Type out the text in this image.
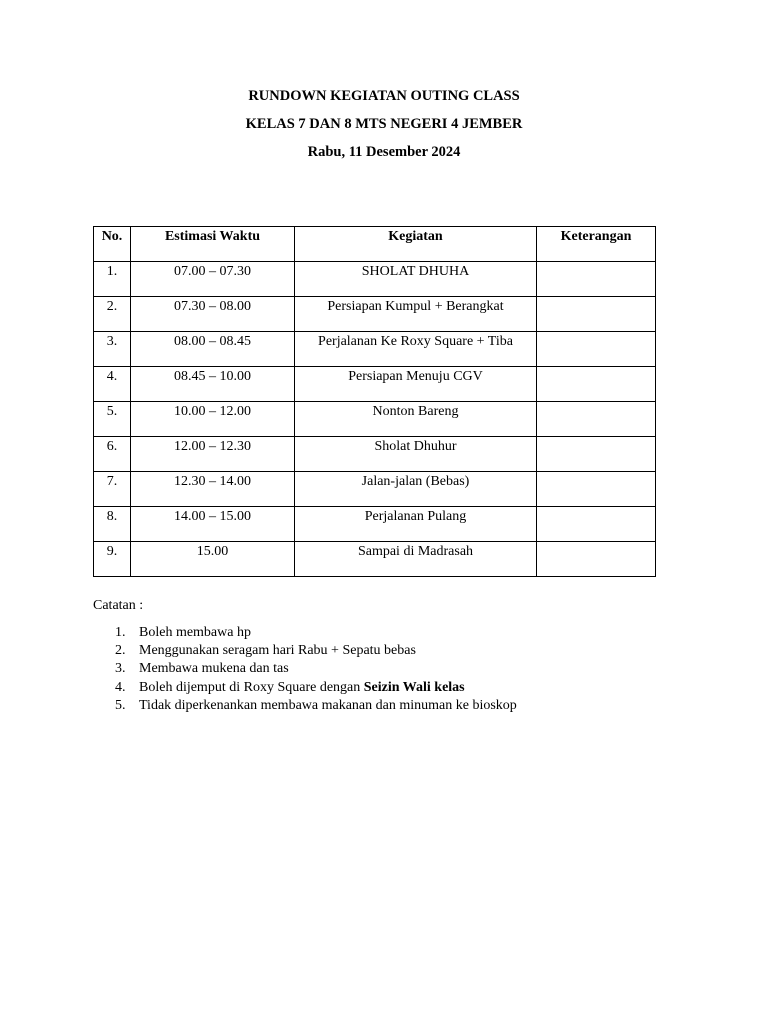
RUNDOWN KEGIATAN OUTING CLASS
KELAS 7 DAN 8 MTS NEGERI 4 JEMBER
Rabu, 11 Desember 2024
No.	Estimasi Waktu	Kegiatan	Keterangan
1.	07.00 – 07.30	SHOLAT DHUHA	
2.	07.30 – 08.00	Persiapan Kumpul + Berangkat	
3.	08.00 – 08.45	Perjalanan Ke Roxy Square + Tiba	
4.	08.45 – 10.00	Persiapan Menuju CGV	
5.	10.00 – 12.00	Nonton Bareng	
6.	12.00 – 12.30	Sholat Dhuhur	
7.	12.30 – 14.00	Jalan-jalan (Bebas)	
8.	14.00 – 15.00	Perjalanan Pulang	
9.	15.00	Sampai di Madrasah	
Catatan :
1. Boleh membawa hp
2. Menggunakan seragam hari Rabu + Sepatu bebas
3. Membawa mukena dan tas
4. Boleh dijemput di Roxy Square dengan Seizin Wali kelas
5. Tidak diperkenankan membawa makanan dan minuman ke bioskop
